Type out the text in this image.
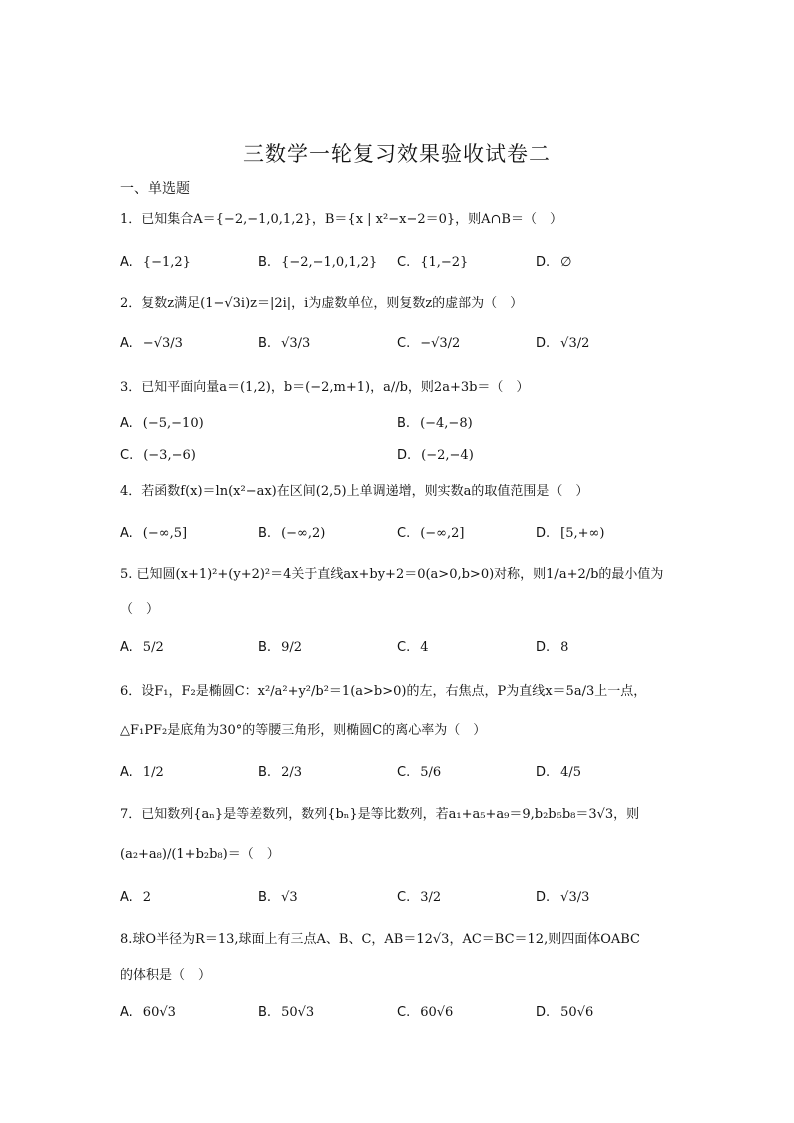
三数学一轮复习效果验收试卷二
一、单选题
1．已知集合A＝{−2,−1,0,1,2}，B＝{x | x²−x−2＝0}，则A∩B＝（　）
A. {−1,2}	B. {−2,−1,0,1,2} C. {1,−2}	D. ∅
2．复数z满足(1−√3i)z＝|2i|，i为虚数单位，则复数z的虚部为（　）
A. −√3/3	B. √3/3	C. −√3/2	D. √3/2
3．已知平面向量a＝(1,2)，b＝(−2,m+1)，a//b，则2a+3b＝（　）
A. (−5,−10)	B. (−4,−8)
C. (−3,−6)	D. (−2,−4)
4．若函数f(x)＝ln(x²−ax)在区间(2,5)上单调递增，则实数a的取值范围是（　）
A. (−∞,5]	B. (−∞,2)	C. (−∞,2]	D. [5,+∞)
5. 已知圆(x+1)²+(y+2)²＝4关于直线ax+by+2＝0(a>0,b>0)对称，则1/a+2/b的最小值为
（　）
A. 5/2	B. 9/2	C. 4	D. 8
6．设F₁，F₂是椭圆C：x²/a²+y²/b²＝1(a>b>0)的左，右焦点，P为直线x＝5a/3上一点，
△F₁PF₂是底角为30°的等腰三角形，则椭圆C的离心率为（　）
A. 1/2	B. 2/3	C. 5/6	D. 4/5
7．已知数列{aₙ}是等差数列，数列{bₙ}是等比数列，若a₁+a₅+a₉＝9,b₂b₅b₈＝3√3，则
(a₂+a₈)/(1+b₂b₈)＝（　）
A. 2	B. √3	C. 3/2	D. √3/3
8.球O半径为R＝13,球面上有三点A、B、C，AB＝12√3，AC＝BC＝12,则四面体OABC
的体积是（　）
A. 60√3	B. 50√3	C. 60√6	D. 50√6
